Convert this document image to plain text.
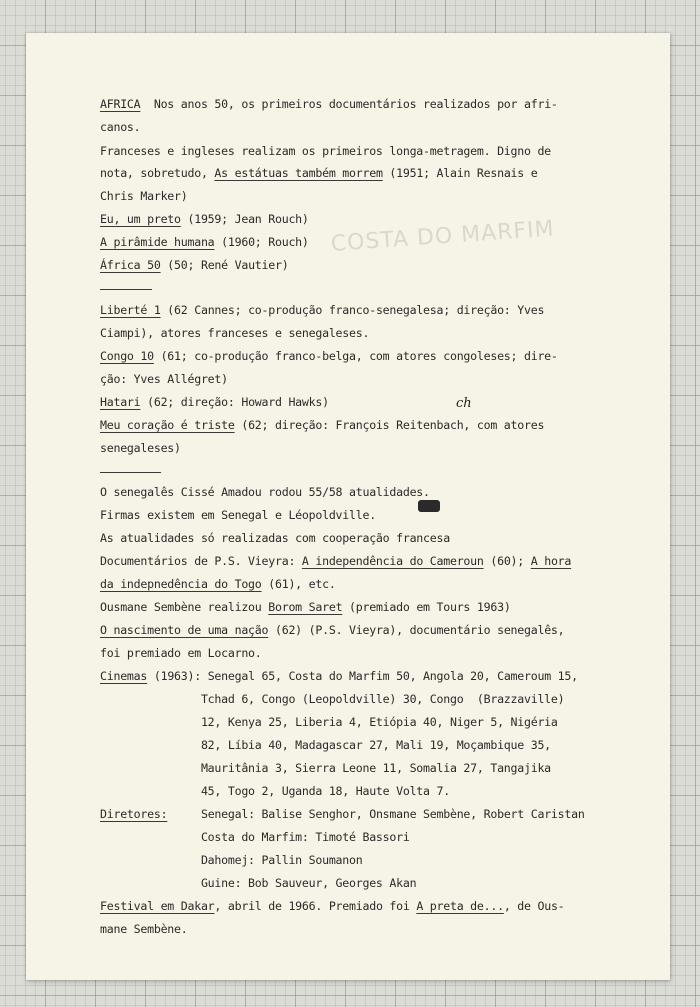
COSTA DO MARFIM
AFRICA  Nos anos 50, os primeiros documentários realizados por afri-
canos.
Franceses e ingleses realizam os primeiros longa-metragem. Digno de
nota, sobretudo, As estátuas também morrem (1951; Alain Resnais e
Chris Marker)
Eu, um preto (1959; Jean Rouch)
A pirâmide humana (1960; Rouch)
África 50 (50; René Vautier)
Liberté 1 (62 Cannes; co-produção franco-senegalesa; direção: Yves
Ciampi), atores franceses e senegaleses.
Congo 10 (61; co-produção franco-belga, com atores congoleses; dire-
ção: Yves Allégret)
Hatari (62; direção: Howard Hawks)
Meu coração é triste (62; direção: François Reitenbach, com atores
senegaleses)
O senegalês Cissé Amadou rodou 55/58 atualidades.
Firmas existem em Senegal e Léopoldville.
As atualidades só realizadas com cooperação francesa
Documentários de P.S. Vieyra: A independência do Cameroun (60); A hora
da indepnedência do Togo (61), etc.
Ousmane Sembène realizou Borom Saret (premiado em Tours 1963)
O nascimento de uma nação (62) (P.S. Vieyra), documentário senegalês,
foi premiado em Locarno.
Cinemas (1963): Senegal 65, Costa do Marfim 50, Angola 20, Cameroum 15,
Tchad 6, Congo (Leopoldville) 30, Congo  (Brazzaville)
12, Kenya 25, Liberia 4, Etiópia 40, Niger 5, Nigéria
82, Líbia 40, Madagascar 27, Mali 19, Moçambique 35,
Mauritânia 3, Sierra Leone 11, Somalia 27, Tangajika
45, Togo 2, Uganda 18, Haute Volta 7.
Diretores:     Senegal: Balise Senghor, Onsmane Sembène, Robert Caristan
Costa do Marfim: Timoté Bassori
Dahomej: Pallin Soumanon
Guine: Bob Sauveur, Georges Akan
Festival em Dakar, abril de 1966. Premiado foi A preta de..., de Ous-
mane Sembène.
ch
